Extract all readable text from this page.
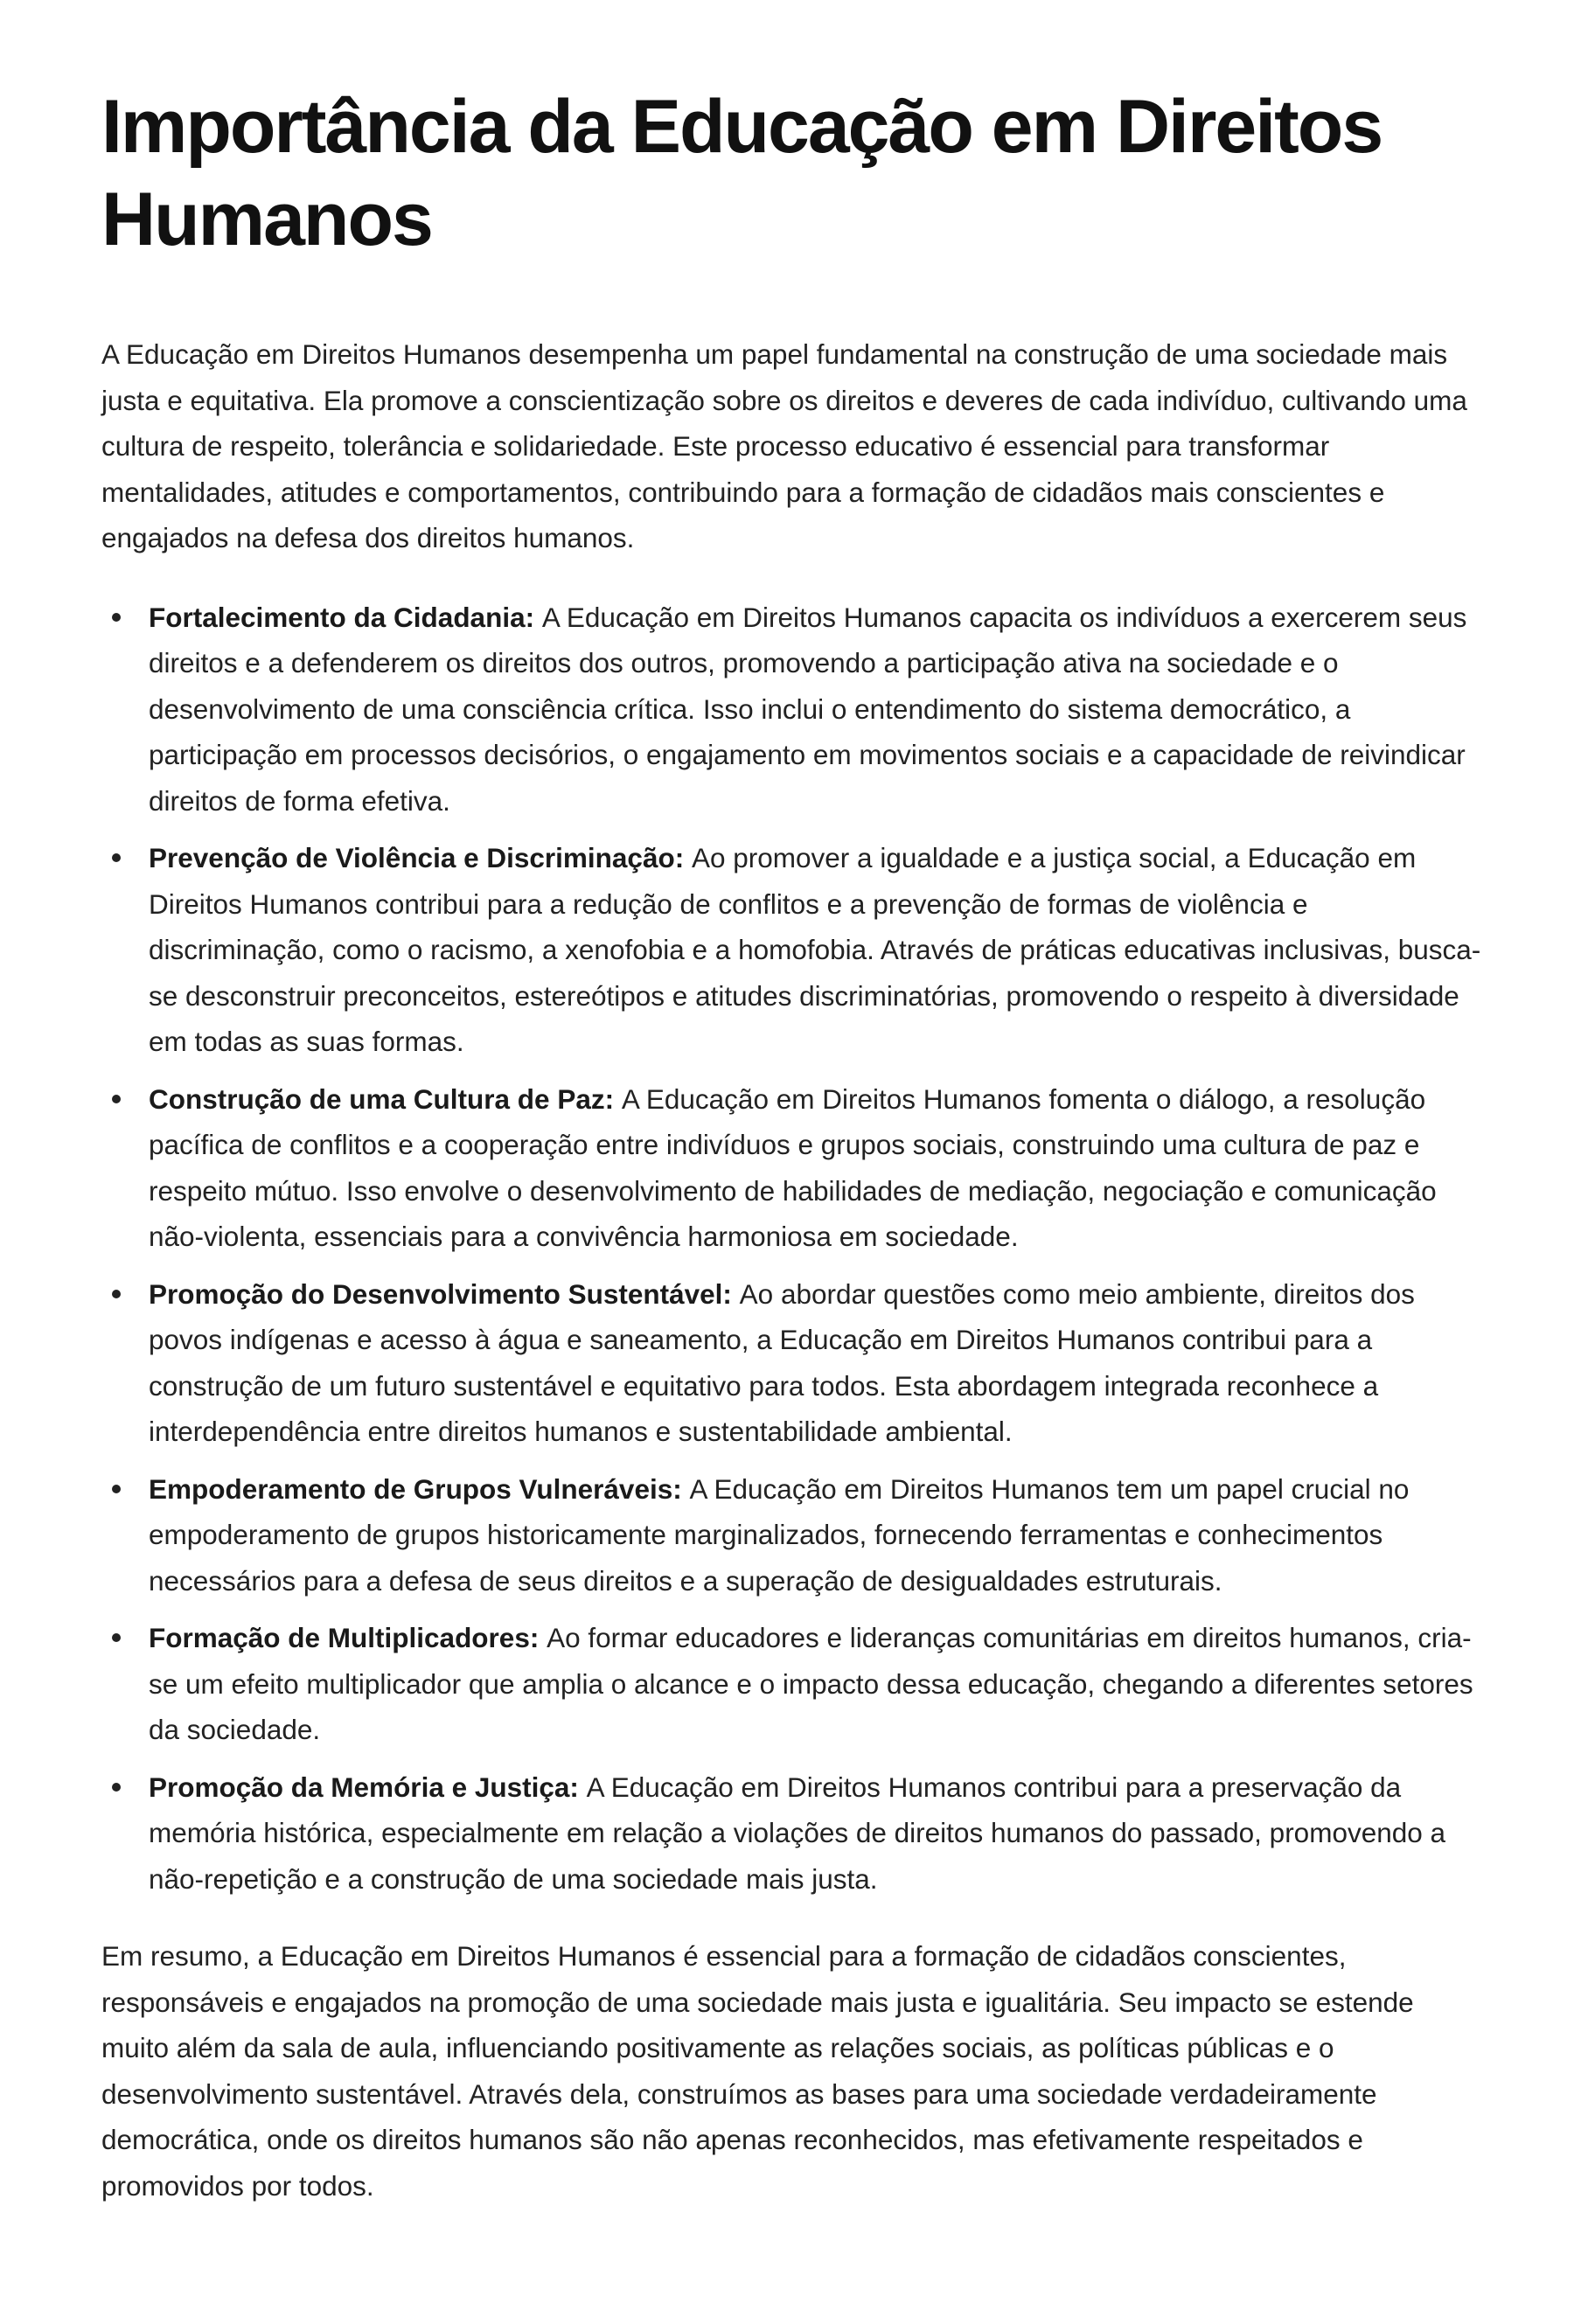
Importância da Educação em Direitos Humanos

A Educação em Direitos Humanos desempenha um papel fundamental na construção de uma sociedade mais justa e equitativa. Ela promove a conscientização sobre os direitos e deveres de cada indivíduo, cultivando uma cultura de respeito, tolerância e solidariedade. Este processo educativo é essencial para transformar mentalidades, atitudes e comportamentos, contribuindo para a formação de cidadãos mais conscientes e engajados na defesa dos direitos humanos.

Fortalecimento da Cidadania: A Educação em Direitos Humanos capacita os indivíduos a exercerem seus direitos e a defenderem os direitos dos outros, promovendo a participação ativa na sociedade e o desenvolvimento de uma consciência crítica. Isso inclui o entendimento do sistema democrático, a participação em processos decisórios, o engajamento em movimentos sociais e a capacidade de reivindicar direitos de forma efetiva.
Prevenção de Violência e Discriminação: Ao promover a igualdade e a justiça social, a Educação em Direitos Humanos contribui para a redução de conflitos e a prevenção de formas de violência e discriminação, como o racismo, a xenofobia e a homofobia. Através de práticas educativas inclusivas, busca-se desconstruir preconceitos, estereótipos e atitudes discriminatórias, promovendo o respeito à diversidade em todas as suas formas.
Construção de uma Cultura de Paz: A Educação em Direitos Humanos fomenta o diálogo, a resolução pacífica de conflitos e a cooperação entre indivíduos e grupos sociais, construindo uma cultura de paz e respeito mútuo. Isso envolve o desenvolvimento de habilidades de mediação, negociação e comunicação não-violenta, essenciais para a convivência harmoniosa em sociedade.
Promoção do Desenvolvimento Sustentável: Ao abordar questões como meio ambiente, direitos dos povos indígenas e acesso à água e saneamento, a Educação em Direitos Humanos contribui para a construção de um futuro sustentável e equitativo para todos. Esta abordagem integrada reconhece a interdependência entre direitos humanos e sustentabilidade ambiental.
Empoderamento de Grupos Vulneráveis: A Educação em Direitos Humanos tem um papel crucial no empoderamento de grupos historicamente marginalizados, fornecendo ferramentas e conhecimentos necessários para a defesa de seus direitos e a superação de desigualdades estruturais.
Formação de Multiplicadores: Ao formar educadores e lideranças comunitárias em direitos humanos, cria-se um efeito multiplicador que amplia o alcance e o impacto dessa educação, chegando a diferentes setores da sociedade.
Promoção da Memória e Justiça: A Educação em Direitos Humanos contribui para a preservação da memória histórica, especialmente em relação a violações de direitos humanos do passado, promovendo a não-repetição e a construção de uma sociedade mais justa.

Em resumo, a Educação em Direitos Humanos é essencial para a formação de cidadãos conscientes, responsáveis e engajados na promoção de uma sociedade mais justa e igualitária. Seu impacto se estende muito além da sala de aula, influenciando positivamente as relações sociais, as políticas públicas e o desenvolvimento sustentável. Através dela, construímos as bases para uma sociedade verdadeiramente democrática, onde os direitos humanos são não apenas reconhecidos, mas efetivamente respeitados e promovidos por todos.
